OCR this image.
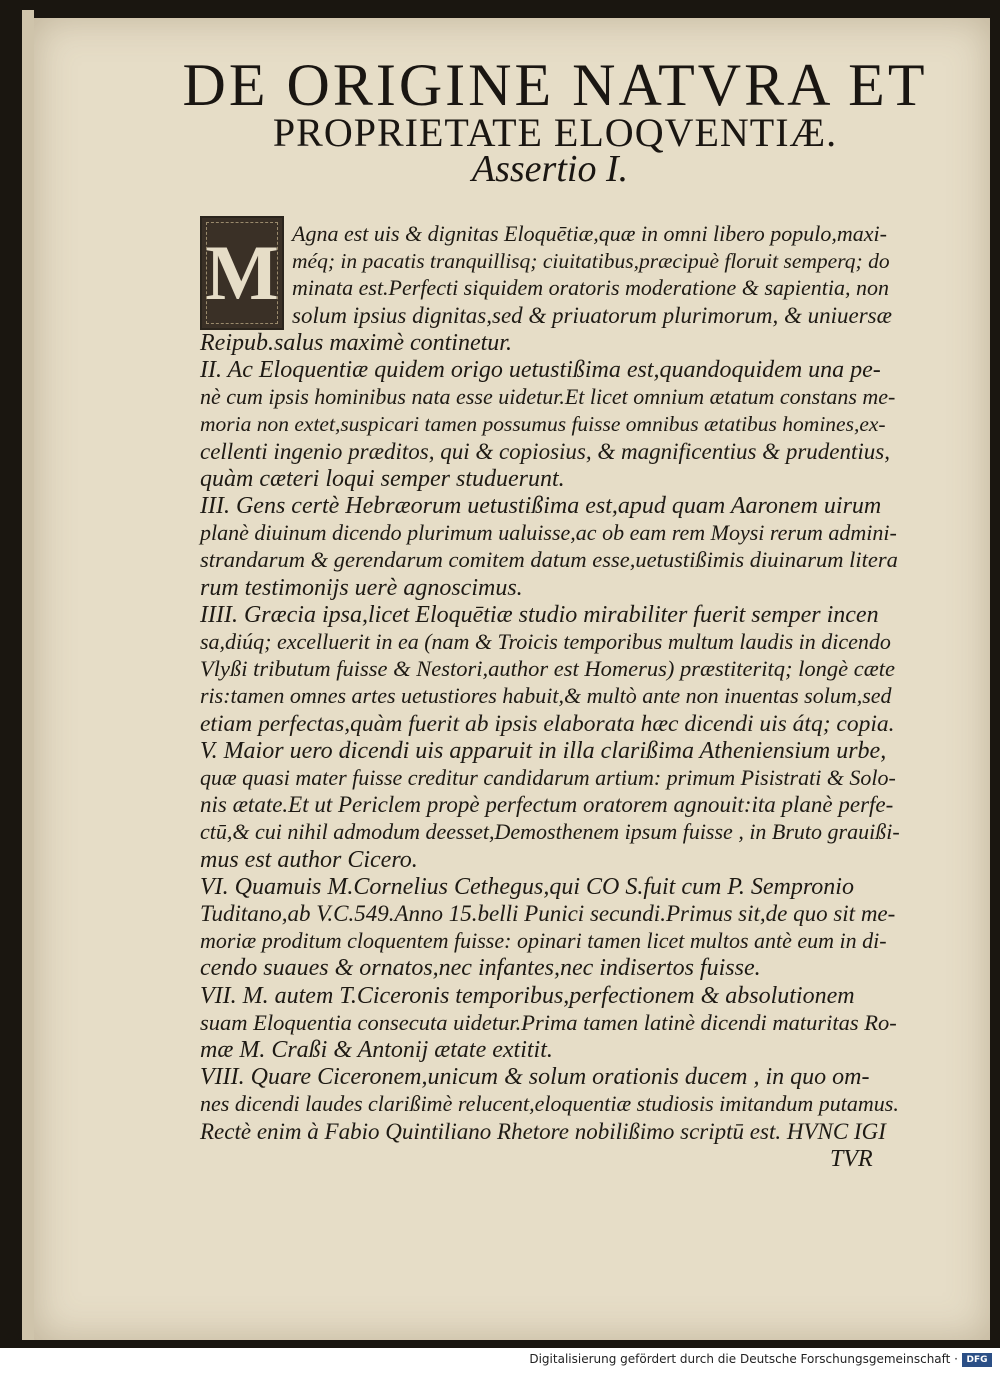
DE ORIGINE NATVRA ET
PROPRIETATE ELOQVENTIÆ.
Assertio I.
M Agna est uis & dignitas Eloquētiæ,quæ in omni libero populo,maxi-
méq; in pacatis tranquillisq; ciuitatibus,præcipuè floruit semperq; do
minata est.Perfecti siquidem oratoris moderatione & sapientia, non
solum ipsius dignitas,sed & priuatorum plurimorum, & uniuersæ
Reipub.salus maximè continetur.
II. Ac Eloquentiæ quidem origo uetustißima est,quandoquidem una pe-
nè cum ipsis hominibus nata esse uidetur.Et licet omnium ætatum constans me-
moria non extet,suspicari tamen possumus fuisse omnibus ætatibus homines,ex-
cellenti ingenio præditos, qui & copiosius, & magnificentius & prudentius,
quàm cæteri loqui semper studuerunt.
III. Gens certè Hebræorum uetustißima est,apud quam Aaronem uirum
planè diuinum dicendo plurimum ualuisse,ac ob eam rem Moysi rerum admini-
strandarum & gerendarum comitem datum esse,uetustißimis diuinarum litera
rum testimonijs uerè agnoscimus.
IIII. Græcia ipsa,licet Eloquētiæ studio mirabiliter fuerit semper incen
sa,diúq; excelluerit in ea (nam & Troicis temporibus multum laudis in dicendo
Vlyßi tributum fuisse & Nestori,author est Homerus) præstiteritq; longè cæte
ris:tamen omnes artes uetustiores habuit,& multò ante non inuentas solum,sed
etiam perfectas,quàm fuerit ab ipsis elaborata hæc dicendi uis átq; copia.
V. Maior uero dicendi uis apparuit in illa clarißima Atheniensium urbe,
quæ quasi mater fuisse creditur candidarum artium: primum Pisistrati & Solo-
nis ætate.Et ut Periclem propè perfectum oratorem agnouit:ita planè perfe-
ctū,& cui nihil admodum deesset,Demosthenem ipsum fuisse , in Bruto grauißi-
mus est author Cicero.
VI. Quamuis M.Cornelius Cethegus,qui CO S.fuit cum P. Sempronio
Tuditano,ab V.C.549.Anno 15.belli Punici secundi.Primus sit,de quo sit me-
moriæ proditum cloquentem fuisse: opinari tamen licet multos antè eum in di-
cendo suaues & ornatos,nec infantes,nec indisertos fuisse.
VII. M. autem T.Ciceronis temporibus,perfectionem & absolutionem
suam Eloquentia consecuta uidetur.Prima tamen latinè dicendi maturitas Ro-
mæ M. Craßi & Antonij ætate extitit.
VIII. Quare Ciceronem,unicum & solum orationis ducem , in quo om-
nes dicendi laudes clarißimè relucent,eloquentiæ studiosis imitandum putamus.
Rectè enim à Fabio Quintiliano Rhetore nobilißimo scriptū est. HVNC IGI
TVR
Digitalisierung gefördert durch die Deutsche Forschungsgemeinschaft · DFG
